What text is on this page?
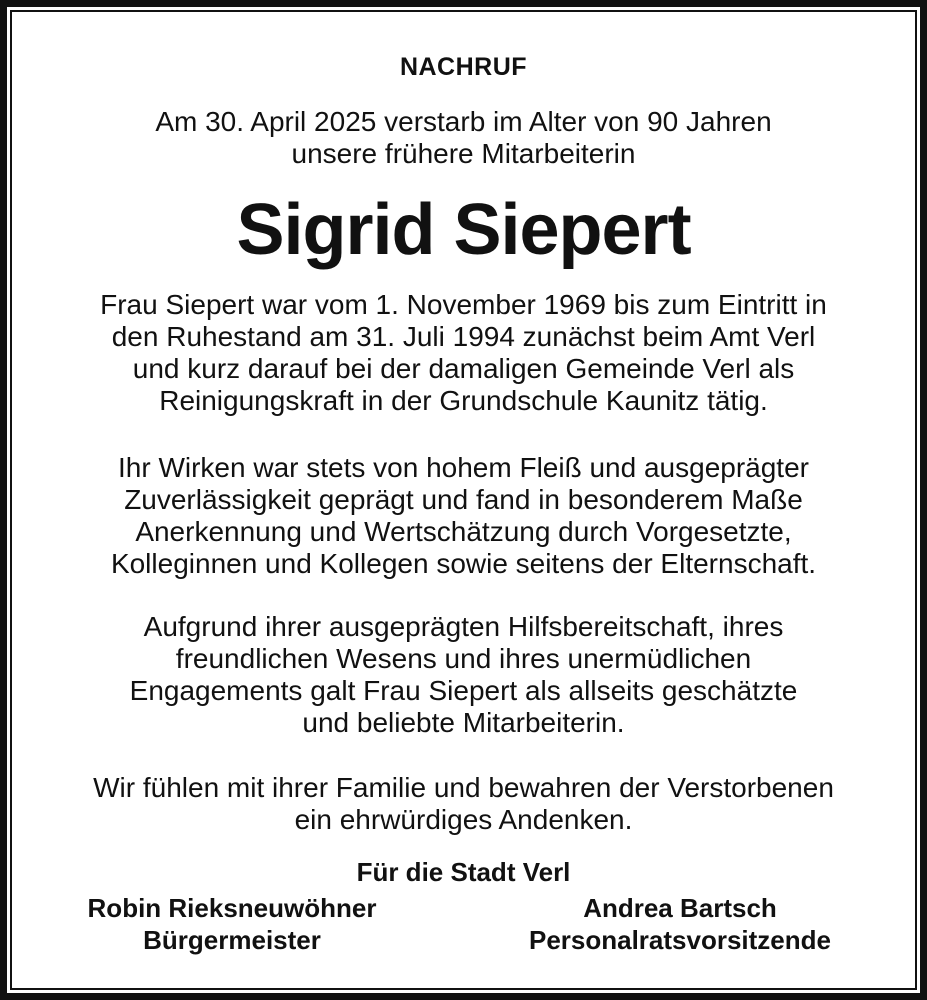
NACHRUF
Am 30. April 2025 verstarb im Alter von 90 Jahren
unsere frühere Mitarbeiterin
Sigrid Siepert
Frau Siepert war vom 1. November 1969 bis zum Eintritt in
den Ruhestand am 31. Juli 1994 zunächst beim Amt Verl
und kurz darauf bei der damaligen Gemeinde Verl als
Reinigungskraft in der Grundschule Kaunitz tätig.
Ihr Wirken war stets von hohem Fleiß und ausgeprägter
Zuverlässigkeit geprägt und fand in besonderem Maße
Anerkennung und Wertschätzung durch Vorgesetzte,
Kolleginnen und Kollegen sowie seitens der Elternschaft.
Aufgrund ihrer ausgeprägten Hilfsbereitschaft, ihres
freundlichen Wesens und ihres unermüdlichen
Engagements galt Frau Siepert als allseits geschätzte
und beliebte Mitarbeiterin.
Wir fühlen mit ihrer Familie und bewahren der Verstorbenen
ein ehrwürdiges Andenken.
Für die Stadt Verl
Robin Rieksneuwöhner
Bürgermeister
Andrea Bartsch
Personalratsvorsitzende
